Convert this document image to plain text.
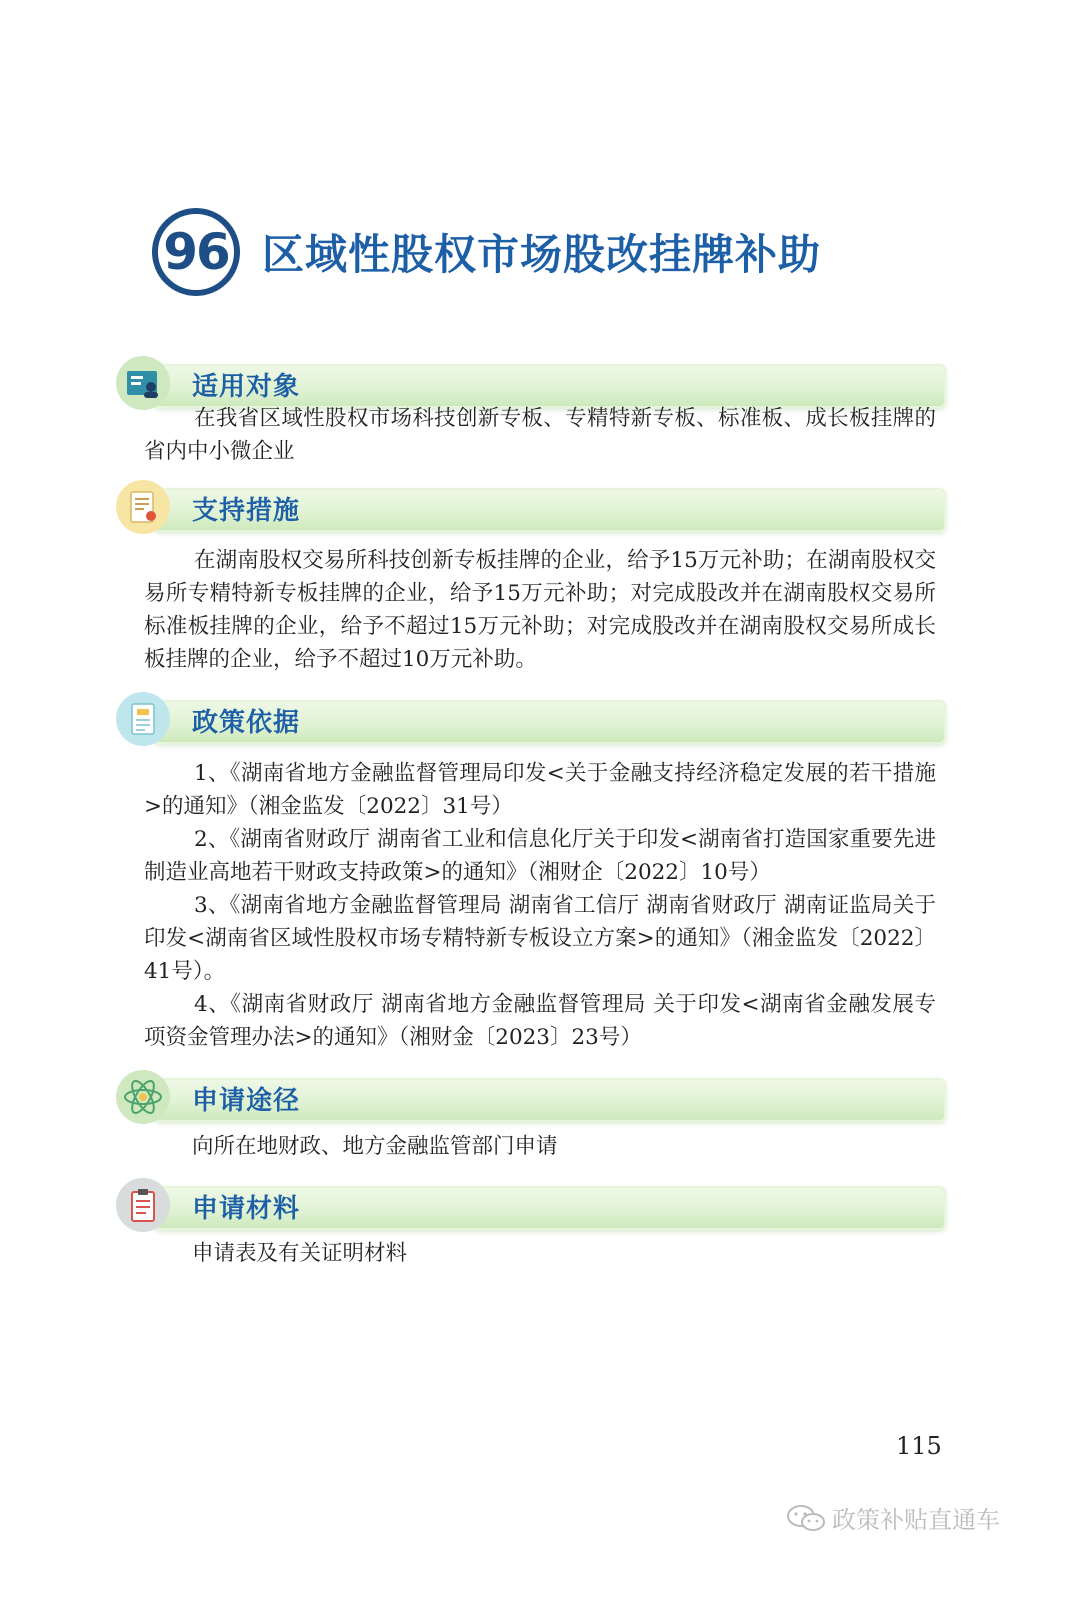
96 区域性股权市场股改挂牌补助
适用对象

在我省区域性股权市场科技创新专板、专精特新专板、标准板、成长板挂牌的省内中小微企业

支持措施

在湖南股权交易所科技创新专板挂牌的企业，给予15万元补助；在湖南股权交易所专精特新专板挂牌的企业，给予15万元补助；对完成股改并在湖南股权交易所标准板挂牌的企业，给予不超过15万元补助；对完成股改并在湖南股权交易所成长板挂牌的企业，给予不超过10万元补助。

政策依据

1、《湖南省地方金融监督管理局印发<关于金融支持经济稳定发展的若干措施>的通知》（湘金监发〔2022〕31号）

2、《湖南省财政厅 湖南省工业和信息化厅关于印发<湖南省打造国家重要先进制造业高地若干财政支持政策>的通知》（湘财企〔2022〕10号）

3、《湖南省地方金融监督管理局 湖南省工信厅 湖南省财政厅 湖南证监局关于印发<湖南省区域性股权市场专精特新专板设立方案>的通知》（湘金监发〔2022〕41号）。

4、《湖南省财政厅 湖南省地方金融监督管理局 关于印发<湖南省金融发展专项资金管理办法>的通知》（湘财金〔2023〕23号）

申请途径

向所在地财政、地方金融监管部门申请

申请材料

申请表及有关证明材料

115
政策补贴直通车
